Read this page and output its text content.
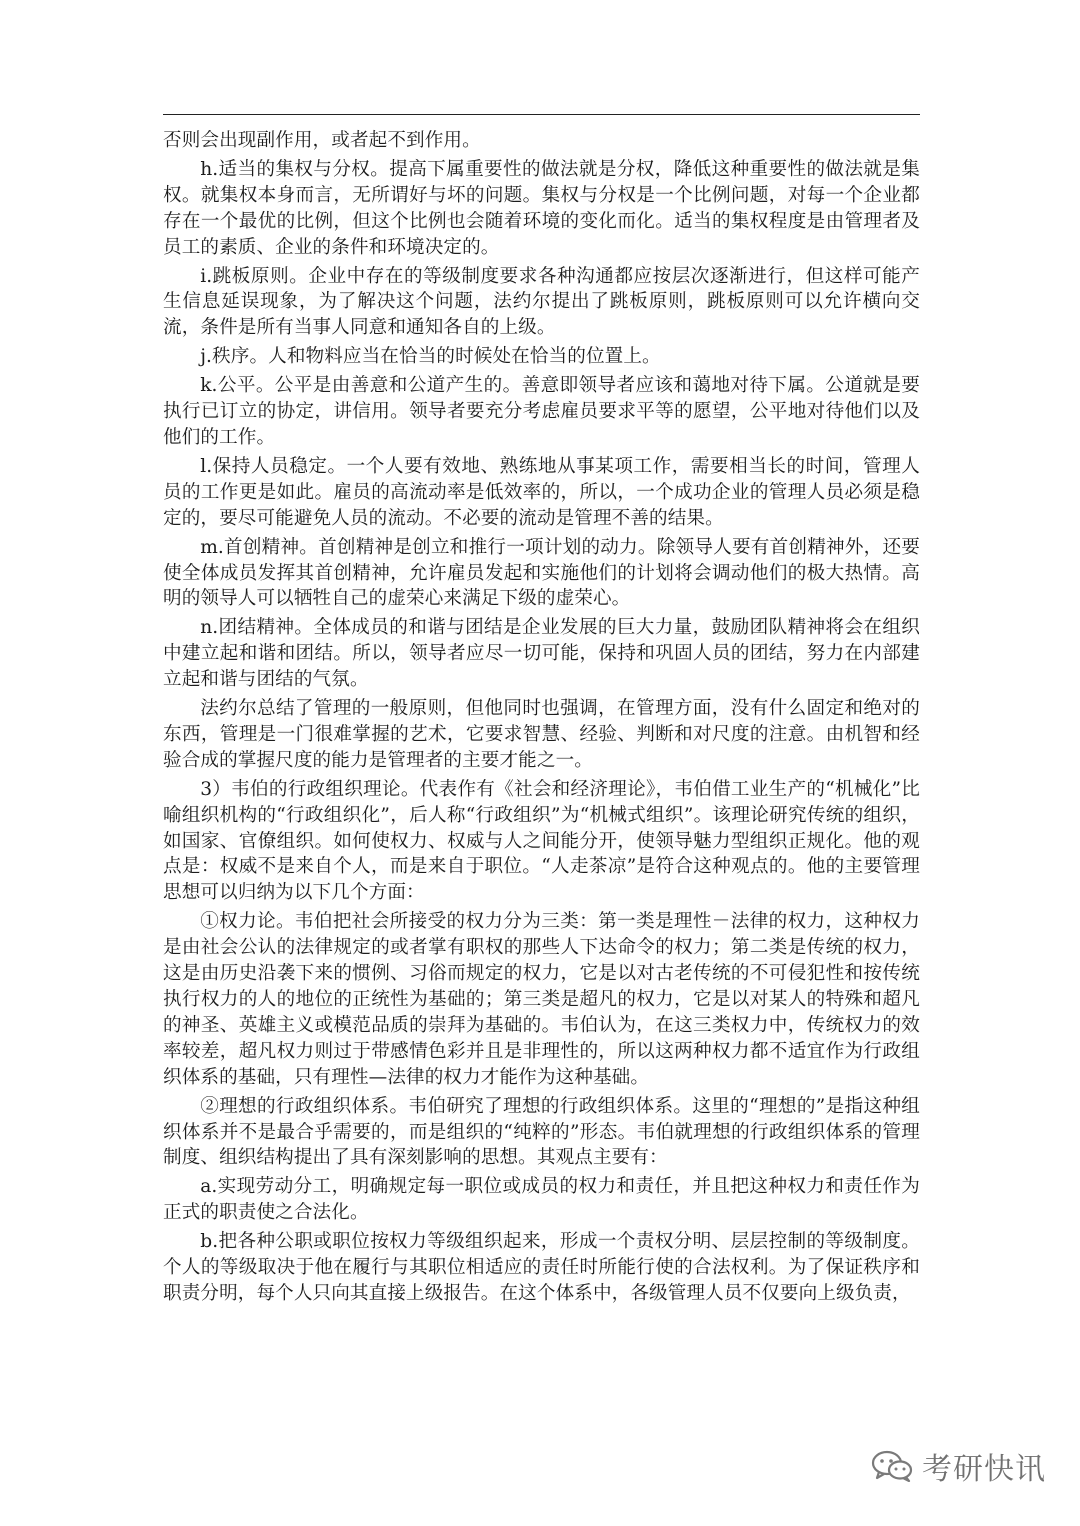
否则会出现副作用，或者起不到作用。

h.适当的集权与分权。提高下属重要性的做法就是分权，降低这种重要性的做法就是集权。就集权本身而言，无所谓好与坏的问题。集权与分权是一个比例问题，对每一个企业都存在一个最优的比例，但这个比例也会随着环境的变化而化。适当的集权程度是由管理者及员工的素质、企业的条件和环境决定的。

i.跳板原则。企业中存在的等级制度要求各种沟通都应按层次逐渐进行，但这样可能产生信息延误现象，为了解决这个问题，法约尔提出了跳板原则，跳板原则可以允许横向交流，条件是所有当事人同意和通知各自的上级。

j.秩序。人和物料应当在恰当的时候处在恰当的位置上。

k.公平。公平是由善意和公道产生的。善意即领导者应该和蔼地对待下属。公道就是要执行已订立的协定，讲信用。领导者要充分考虑雇员要求平等的愿望，公平地对待他们以及他们的工作。

l.保持人员稳定。一个人要有效地、熟练地从事某项工作，需要相当长的时间，管理人员的工作更是如此。雇员的高流动率是低效率的，所以，一个成功企业的管理人员必须是稳定的，要尽可能避免人员的流动。不必要的流动是管理不善的结果。

m.首创精神。首创精神是创立和推行一项计划的动力。除领导人要有首创精神外，还要使全体成员发挥其首创精神，允许雇员发起和实施他们的计划将会调动他们的极大热情。高明的领导人可以牺牲自己的虚荣心来满足下级的虚荣心。

n.团结精神。全体成员的和谐与团结是企业发展的巨大力量，鼓励团队精神将会在组织中建立起和谐和团结。所以，领导者应尽一切可能，保持和巩固人员的团结，努力在内部建立起和谐与团结的气氛。

法约尔总结了管理的一般原则，但他同时也强调，在管理方面，没有什么固定和绝对的东西，管理是一门很难掌握的艺术，它要求智慧、经验、判断和对尺度的注意。由机智和经验合成的掌握尺度的能力是管理者的主要才能之一。

3）韦伯的行政组织理论。代表作有《社会和经济理论》，韦伯借工业生产的“机械化”比喻组织机构的“行政组织化”，后人称“行政组织”为“机械式组织”。该理论研究传统的组织，如国家、官僚组织。如何使权力、权威与人之间能分开，使领导魅力型组织正规化。他的观点是：权威不是来自个人，而是来自于职位。“人走茶凉”是符合这种观点的。他的主要管理思想可以归纳为以下几个方面：

①权力论。韦伯把社会所接受的权力分为三类：第一类是理性－法律的权力，这种权力是由社会公认的法律规定的或者掌有职权的那些人下达命令的权力；第二类是传统的权力，这是由历史沿袭下来的惯例、习俗而规定的权力，它是以对古老传统的不可侵犯性和按传统执行权力的人的地位的正统性为基础的；第三类是超凡的权力，它是以对某人的特殊和超凡的神圣、英雄主义或模范品质的崇拜为基础的。韦伯认为，在这三类权力中，传统权力的效率较差，超凡权力则过于带感情色彩并且是非理性的，所以这两种权力都不适宜作为行政组织体系的基础，只有理性—法律的权力才能作为这种基础。

②理想的行政组织体系。韦伯研究了理想的行政组织体系。这里的“理想的”是指这种组织体系并不是最合乎需要的，而是组织的“纯粹的”形态。韦伯就理想的行政组织体系的管理制度、组织结构提出了具有深刻影响的思想。其观点主要有：

a.实现劳动分工，明确规定每一职位或成员的权力和责任，并且把这种权力和责任作为正式的职责使之合法化。

b.把各种公职或职位按权力等级组织起来，形成一个责权分明、层层控制的等级制度。个人的等级取决于他在履行与其职位相适应的责任时所能行使的合法权利。为了保证秩序和职责分明，每个人只向其直接上级报告。在这个体系中，各级管理人员不仅要向上级负责，

考研快讯
